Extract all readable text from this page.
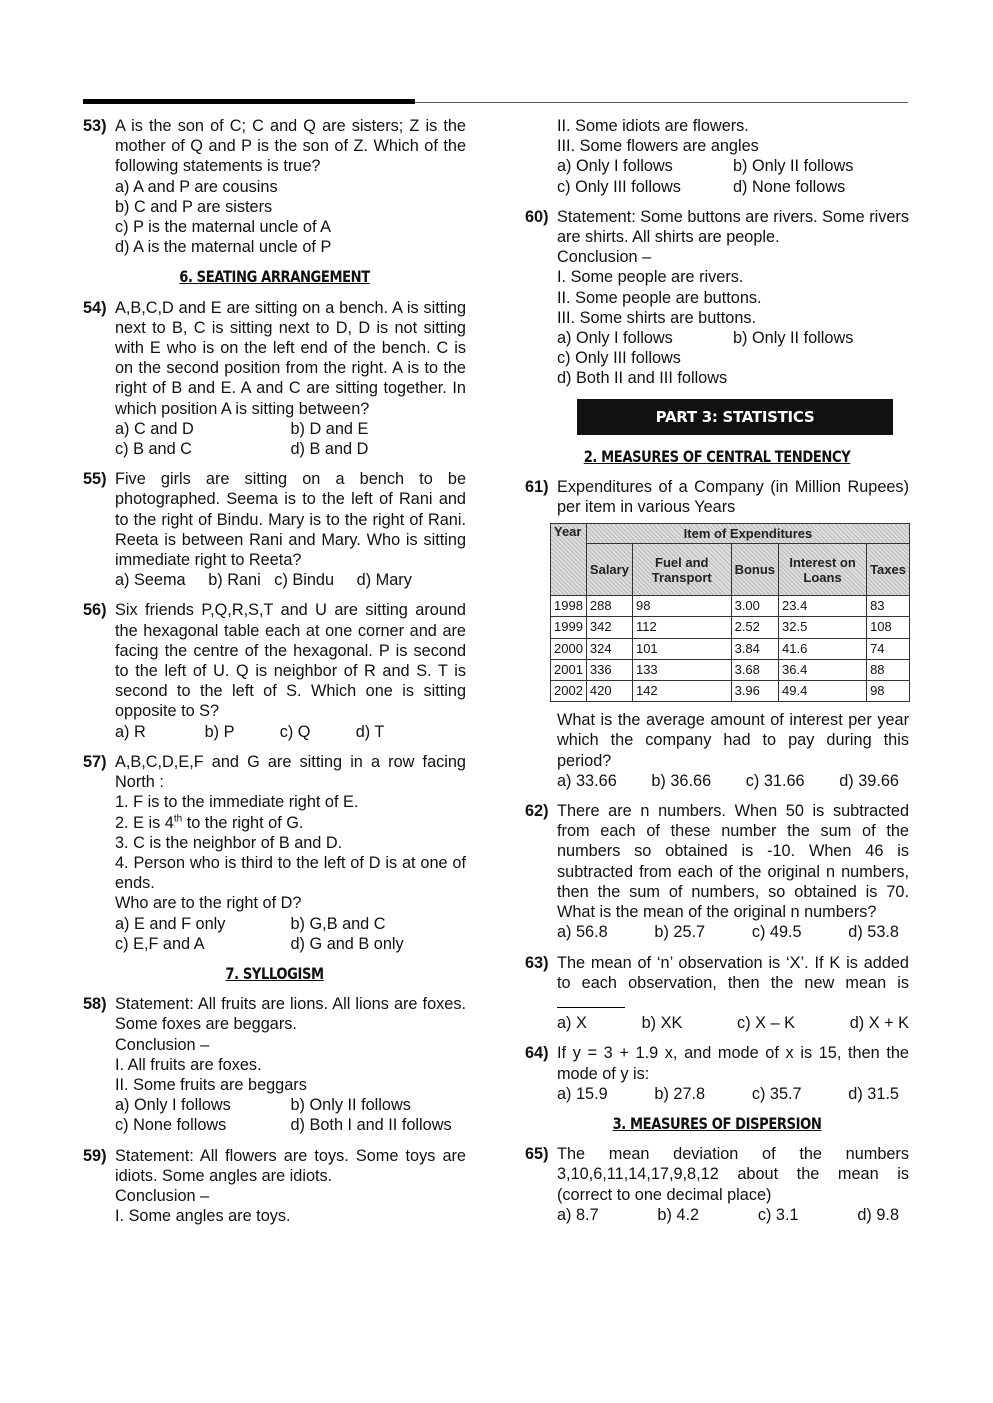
53) A is the son of C; C and Q are sisters; Z is the mother of Q and P is the son of Z. Which of the following statements is true?
a) A and P are cousins
b) C and P are sisters
c) P is the maternal uncle of A
d) A is the maternal uncle of P
6. SEATING ARRANGEMENT
54) A,B,C,D and E are sitting on a bench. A is sitting next to B, C is sitting next to D, D is not sitting with E who is on the left end of the bench. C is on the second position from the right. A is to the right of B and E. A and C are sitting together. In which position A is sitting between?
a) C and D	b) D and E
c) B and C	d) B and D
55) Five girls are sitting on a bench to be photographed. Seema is to the left of Rani and to the right of Bindu. Mary is to the right of Rani. Reeta is between Rani and Mary. Who is sitting immediate right to Reeta?
a) Seema b) Rani c) Bindu d) Mary
56) Six friends P,Q,R,S,T and U are sitting around the hexagonal table each at one corner and are facing the centre of the hexagonal. P is second to the left of U. Q is neighbor of R and S. T is second to the left of S. Which one is sitting opposite to S?
a) R	b) P	c) Q	d) T
57) A,B,C,D,E,F and G are sitting in a row facing North :
1. F is to the immediate right of E.
2. E is 4th to the right of G.
3. C is the neighbor of B and D.
4. Person who is third to the left of D is at one of ends.
Who are to the right of D?
a) E and F only	b) G,B and C
c) E,F and A	d) G and B only
7. SYLLOGISM
58) Statement: All fruits are lions. All lions are foxes. Some foxes are beggars.
Conclusion –
I. All fruits are foxes.
II. Some fruits are beggars
a) Only I follows	b) Only II follows
c) None follows	d) Both I and II follows
59) Statement: All flowers are toys. Some toys are idiots. Some angles are idiots.
Conclusion –
I. Some angles are toys.
II. Some idiots are flowers.
III. Some flowers are angles
a) Only I follows	b) Only II follows
c) Only III follows	d) None follows
60) Statement: Some buttons are rivers. Some rivers are shirts. All shirts are people.
Conclusion –
I. Some people are rivers.
II. Some people are buttons.
III. Some shirts are buttons.
a) Only I follows	b) Only II follows
c) Only III follows
d) Both II and III follows
PART 3: STATISTICS
2. MEASURES OF CENTRAL TENDENCY
61) Expenditures of a Company (in Million Rupees) per item in various Years
Year	Item of Expenditures				
	Salary	Fuel and Transport	Bonus	Interest on Loans	Taxes
1998	288	98	3.00	23.4	83
1999	342	112	2.52	32.5	108
2000	324	101	3.84	41.6	74
2001	336	133	3.68	36.4	88
2002	420	142	3.96	49.4	98
What is the average amount of interest per year which the company had to pay during this period?
a) 33.66 b) 36.66 c) 31.66 d) 39.66
62) There are n numbers. When 50 is subtracted from each of these number the sum of the numbers so obtained is -10. When 46 is subtracted from each of the original n numbers, then the sum of numbers, so obtained is 70. What is the mean of the original n numbers?
a) 56.8	b) 25.7	c) 49.5	d) 53.8
63) The mean of ‘n’ observation is ‘X’. If K is added to each observation, then the new mean is
a) X	b) XK	c) X – K	d) X + K
64) If y = 3 + 1.9 x, and mode of x is 15, then the mode of y is:
a) 15.9	b) 27.8	c) 35.7	d) 31.5
3. MEASURES OF DISPERSION
65) The mean deviation of the numbers 3,10,6,11,14,17,9,8,12 about the mean is (correct to one decimal place)
a) 8.7	b) 4.2	c) 3.1	d) 9.8
